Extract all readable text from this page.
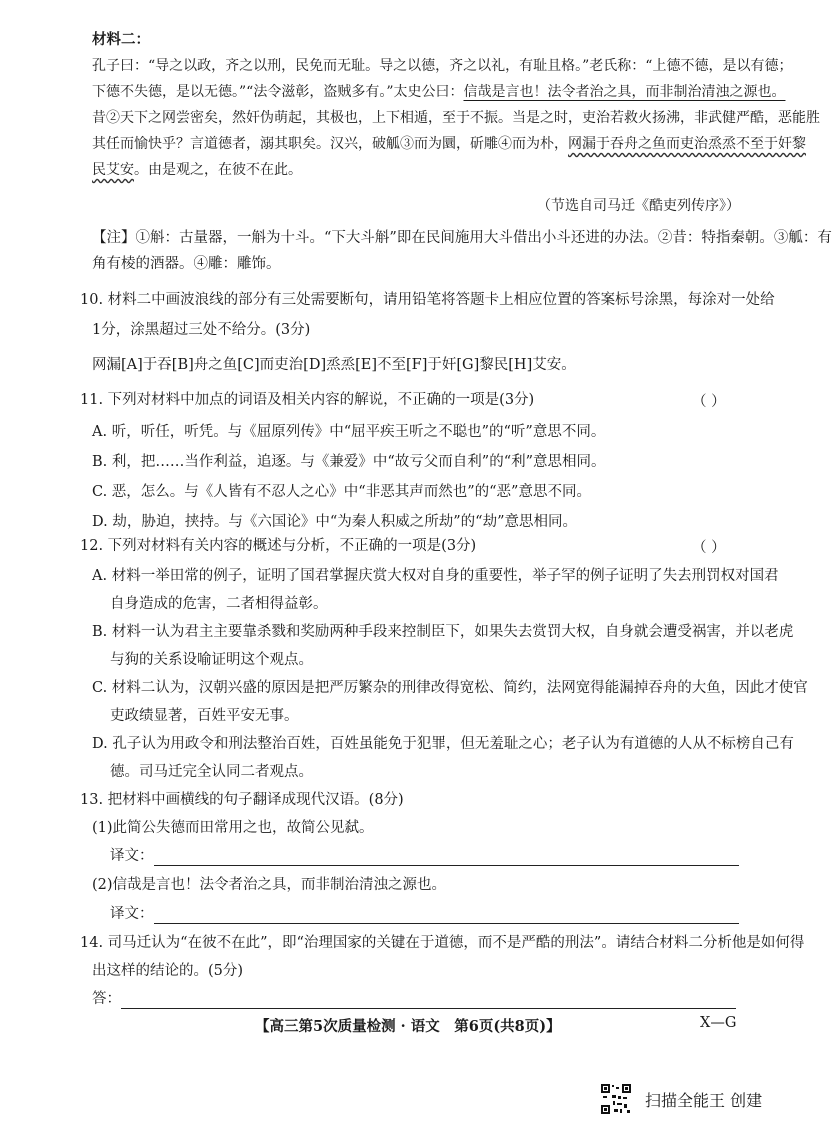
材料二：
孔子曰：“导之以政，齐之以刑，民免而无耻。导之以德，齐之以礼，有耻且格。”老氏称：“上德不德，是以有德；
下德不失德，是以无德。”“法令滋彰，盗贼多有。”太史公曰：信哉是言也！法令者治之具，而非制治清浊之源也。
昔②天下之网尝密矣，然奸伪萌起，其极也，上下相遁，至于不振。当是之时，吏治若救火扬沸，非武健严酷，恶能胜
其任而愉快乎？言道德者，溺其职矣。汉兴，破觚③而为圜，斫雕④而为朴，网漏于吞舟之鱼而吏治烝烝不至于奸黎
民艾安。由是观之，在彼不在此。
（节选自司马迁《酷吏列传序》）
【注】①斛：古量器，一斛为十斗。“下大斗斛”即在民间施用大斗借出小斗还进的办法。②昔：特指秦朝。③觚：有
角有棱的酒器。④雕：雕饰。
10. 材料二中画波浪线的部分有三处需要断句，请用铅笔将答题卡上相应位置的答案标号涂黑，每涂对一处给
1分，涂黑超过三处不给分。(3分)
网漏[A]于吞[B]舟之鱼[C]而吏治[D]烝烝[E]不至[F]于奸[G]黎民[H]艾安。
11. 下列对材料中加点的词语及相关内容的解说，不正确的一项是(3分)	（ ）
A. 听，听任，听凭。与《屈原列传》中“屈平疾王听之不聪也”的“听”意思不同。
B. 利，把……当作利益，追逐。与《兼爱》中“故亏父而自利”的“利”意思相同。
C. 恶，怎么。与《人皆有不忍人之心》中“非恶其声而然也”的“恶”意思不同。
D. 劫，胁迫，挟持。与《六国论》中“为秦人积威之所劫”的“劫”意思相同。
12. 下列对材料有关内容的概述与分析，不正确的一项是(3分)	（ ）
A. 材料一举田常的例子，证明了国君掌握庆赏大权对自身的重要性，举子罕的例子证明了失去刑罚权对国君
自身造成的危害，二者相得益彰。
B. 材料一认为君主主要靠杀戮和奖励两种手段来控制臣下，如果失去赏罚大权，自身就会遭受祸害，并以老虎
与狗的关系设喻证明这个观点。
C. 材料二认为，汉朝兴盛的原因是把严厉繁杂的刑律改得宽松、简约，法网宽得能漏掉吞舟的大鱼，因此才使官
吏政绩显著，百姓平安无事。
D. 孔子认为用政令和刑法整治百姓，百姓虽能免于犯罪，但无羞耻之心；老子认为有道德的人从不标榜自己有
德。司马迁完全认同二者观点。
13. 把材料中画横线的句子翻译成现代汉语。(8分)
(1)此简公失德而田常用之也，故简公见弑。
译文：
(2)信哉是言也！法令者治之具，而非制治清浊之源也。
译文：
14. 司马迁认为“在彼不在此”，即“治理国家的关键在于道德，而不是严酷的刑法”。请结合材料二分析他是如何得
出这样的结论的。(5分)
答：
【高三第5次质量检测 · 语文　第6页(共8页)】	X—G
扫描全能王 创建
